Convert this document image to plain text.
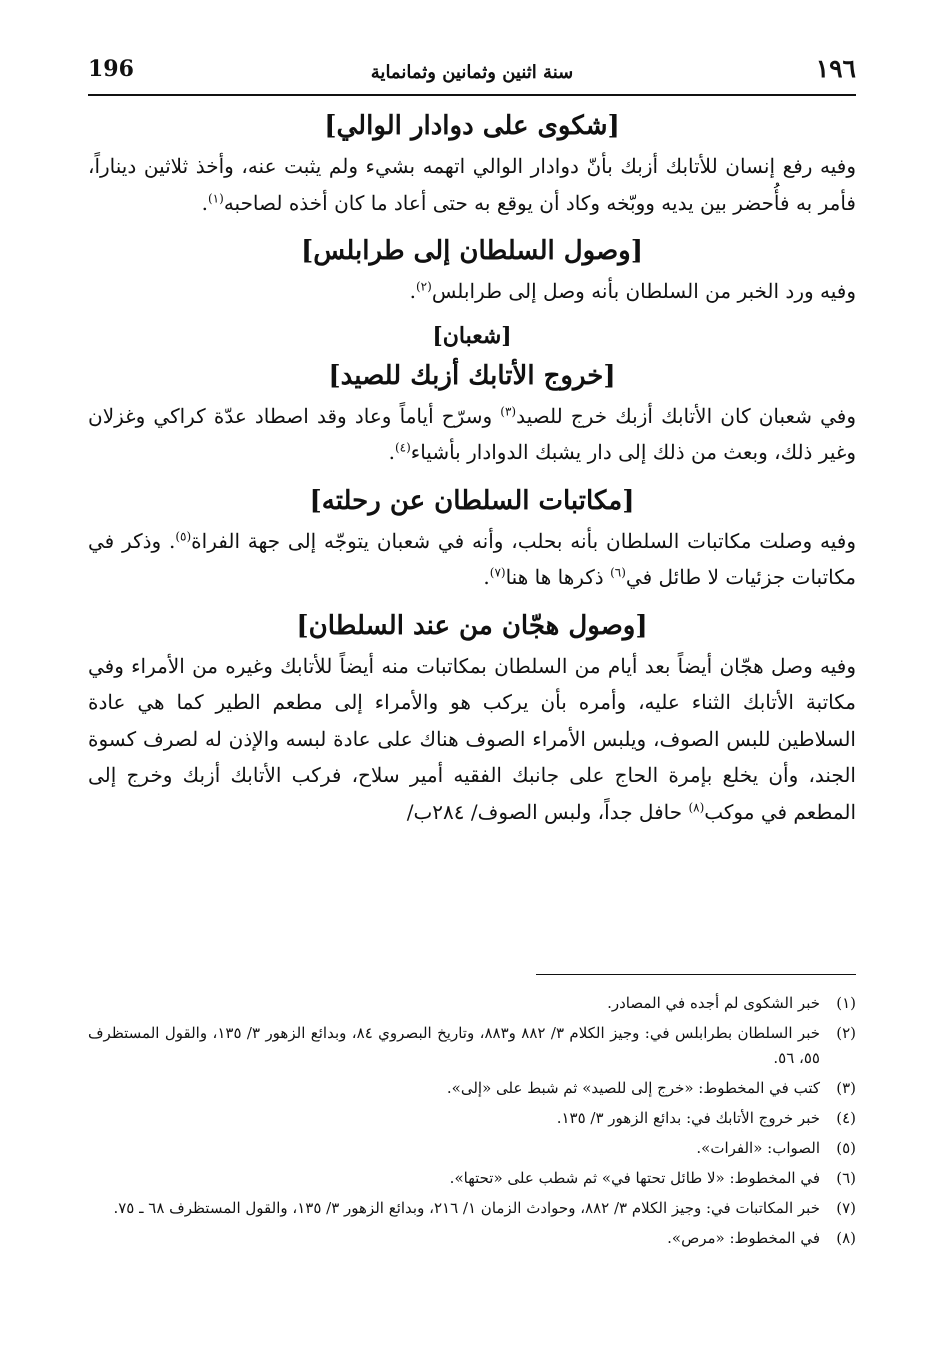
١٩٦
سنة اثنين وثمانين وثمانماية
196
[شكوى على دوادار الوالي]

وفيه رفع إنسان للأتابك أزبك بأنّ دوادار الوالي اتهمه بشيء ولم يثبت عنه، وأخذ ثلاثين ديناراً، فأمر به فأُحضر بين يديه ووبّخه وكاد أن يوقع به حتى أعاد ما كان أخذه لصاحبه$^{(١)}$.

[وصول السلطان إلى طرابلس]

وفيه ورد الخبر من السلطان بأنه وصل إلى طرابلس$^{(٢)}$.

[شعبان]
[خروج الأتابك أزبك للصيد]

وفي شعبان كان الأتابك أزبك خرج للصيد$^{(٣)}$ وسرّح أياماً وعاد وقد اصطاد عدّة كراكي وغزلان وغير ذلك، وبعث من ذلك إلى دار يشبك الدوادار بأشياء$^{(٤)}$.

[مكاتبات السلطان عن رحلته]

وفيه وصلت مكاتبات السلطان بأنه بحلب، وأنه في شعبان يتوجّه إلى جهة الفراة$^{(٥)}$. وذكر في مكاتبات جزئيات لا طائل في$^{(٦)}$ ذكرها ها هنا$^{(٧)}$.

[وصول هجّان من عند السلطان]

وفيه وصل هجّان أيضاً بعد أيام من السلطان بمكاتبات منه أيضاً للأتابك وغيره من الأمراء وفي مكاتبة الأتابك الثناء عليه، وأمره بأن يركب هو والأمراء إلى مطعم الطير كما هي عادة السلاطين للبس الصوف، ويلبس الأمراء الصوف هناك على عادة لبسه والإذن له لصرف كسوة الجند، وأن يخلع بإمرة الحاج على جانبك الفقيه أمير سلاح، فركب الأتابك أزبك وخرج إلى المطعم في موكب$^{(٨)}$ حافل جداً، ولبس الصوف/ ٢٨٤ب/

(١)
خبر الشكوى لم أجده في المصادر.
(٢)
خبر السلطان بطرابلس في: وجيز الكلام ٣/ ٨٨٢ و٨٨٣، وتاريخ البصروي ٨٤، وبدائع الزهور ٣/ ١٣٥، والقول المستظرف ٥٥، ٥٦.
(٣)
كتب في المخطوط: «خرج إلى للصيد» ثم شبط على «إلى».
(٤)
خبر خروج الأتابك في: بدائع الزهور ٣/ ١٣٥.
(٥)
الصواب: «الفرات».
(٦)
في المخطوط: «لا طائل تحتها في» ثم شطب على «تحتها».
(٧)
خبر المكاتبات في: وجيز الكلام ٣/ ٨٨٢، وحوادث الزمان ١/ ٢١٦، وبدائع الزهور ٣/ ١٣٥، والقول المستظرف ٦٨ ـ ٧٥.
(٨)
في المخطوط: «مرص».
